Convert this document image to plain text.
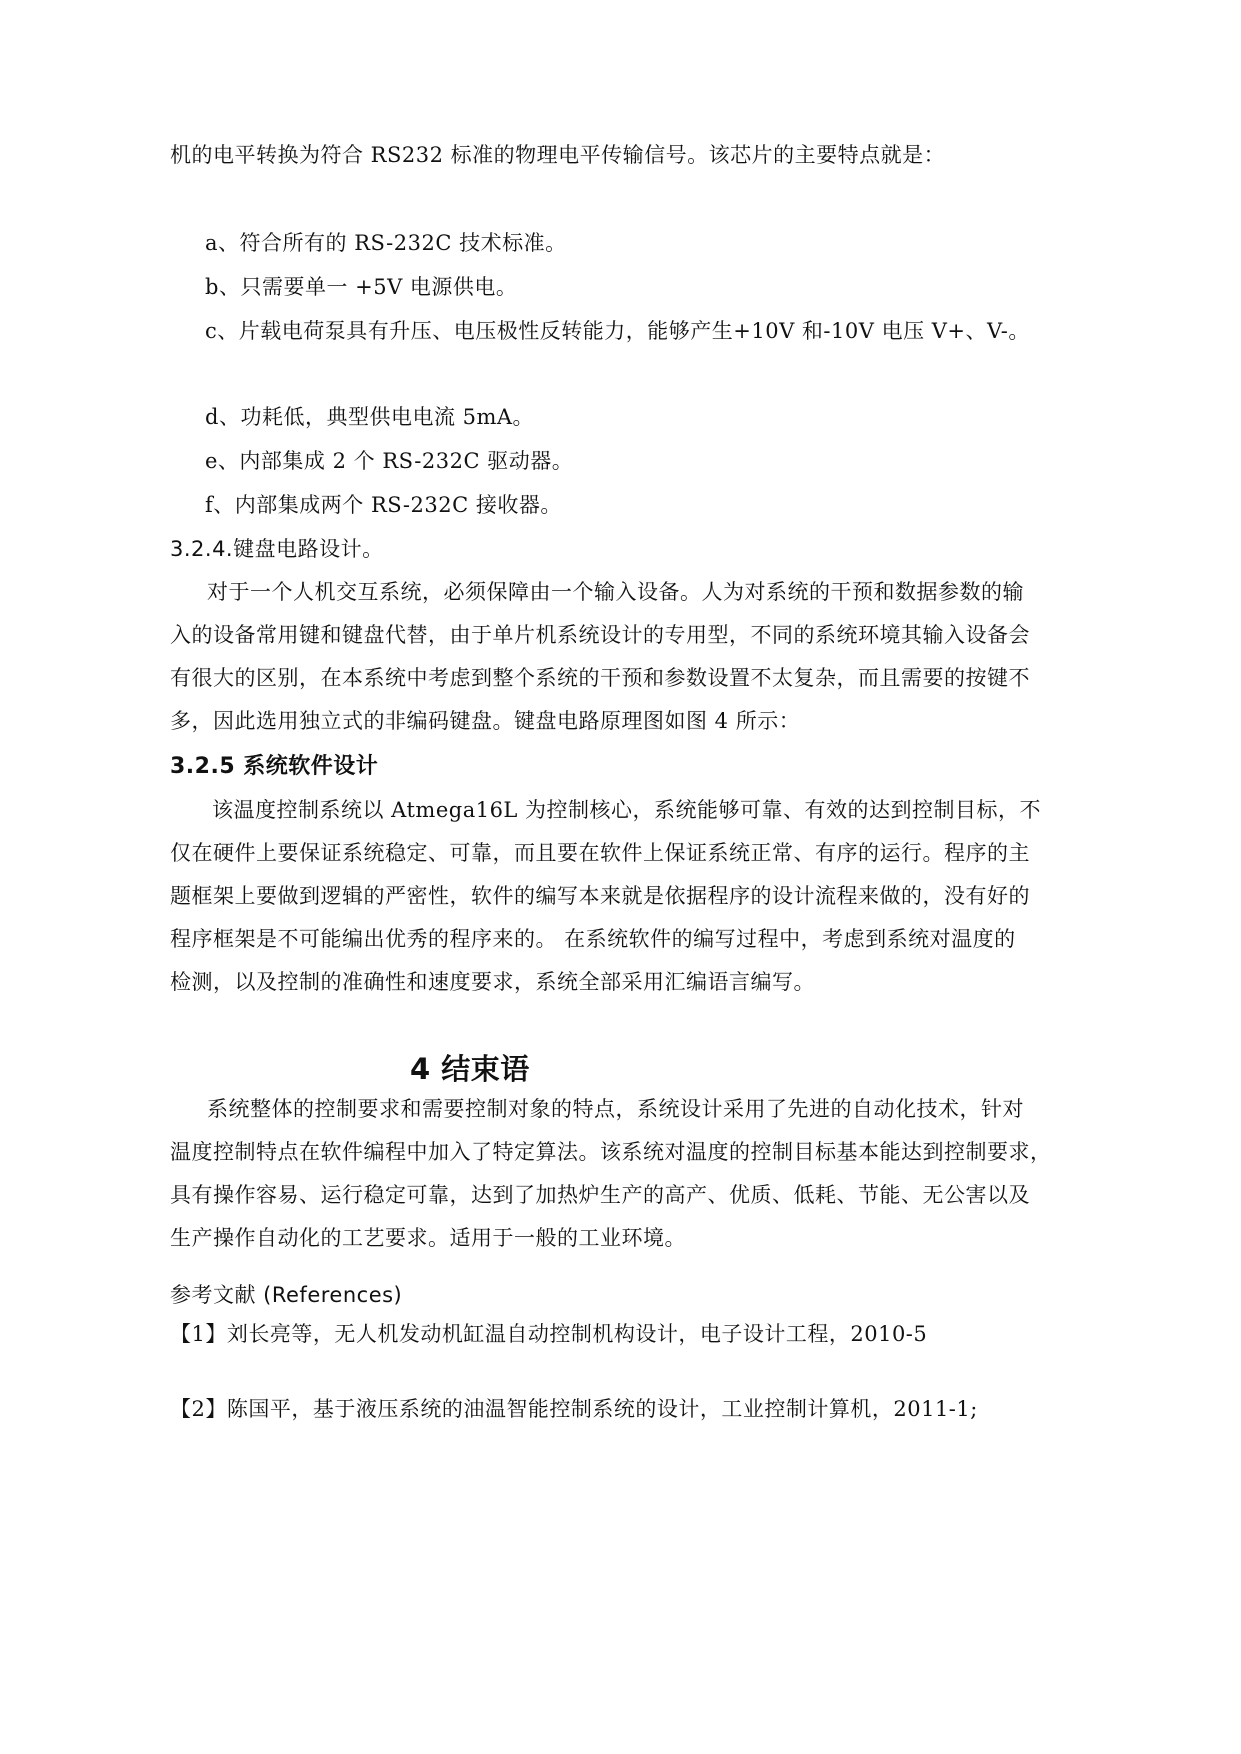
机的电平转换为符合 RS232 标准的物理电平传输信号。该芯片的主要特点就是：
a、符合所有的 RS-232C 技术标准。
b、只需要单一 +5V 电源供电。
c、片载电荷泵具有升压、电压极性反转能力，能够产生+10V 和-10V 电压 V+、V-。
d、功耗低，典型供电电流 5mA。
e、内部集成 2 个 RS-232C 驱动器。
f、内部集成两个 RS-232C 接收器。
3.2.4.键盘电路设计。
对于一个人机交互系统，必须保障由一个输入设备。人为对系统的干预和数据参数的输
入的设备常用键和键盘代替，由于单片机系统设计的专用型，不同的系统环境其输入设备会
有很大的区别，在本系统中考虑到整个系统的干预和参数设置不太复杂，而且需要的按键不
多，因此选用独立式的非编码键盘。键盘电路原理图如图 4 所示：
3.2.5 系统软件设计
该温度控制系统以 Atmega16L 为控制核心，系统能够可靠、有效的达到控制目标，不
仅在硬件上要保证系统稳定、可靠，而且要在软件上保证系统正常、有序的运行。程序的主
题框架上要做到逻辑的严密性，软件的编写本来就是依据程序的设计流程来做的，没有好的
程序框架是不可能编出优秀的程序来的。 在系统软件的编写过程中，考虑到系统对温度的
检测，以及控制的准确性和速度要求，系统全部采用汇编语言编写。
4 结束语
系统整体的控制要求和需要控制对象的特点，系统设计采用了先进的自动化技术，针对
温度控制特点在软件编程中加入了特定算法。该系统对温度的控制目标基本能达到控制要求，
具有操作容易、运行稳定可靠，达到了加热炉生产的高产、优质、低耗、节能、无公害以及
生产操作自动化的工艺要求。适用于一般的工业环境。
参考文献 (References)
【1】刘长亮等，无人机发动机缸温自动控制机构设计，电子设计工程，2010-5
【2】陈国平，基于液压系统的油温智能控制系统的设计，工业控制计算机，2011-1;
